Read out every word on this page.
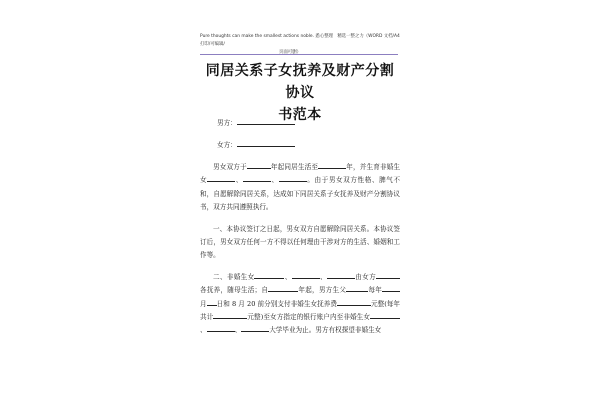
Pure thoughts can make the smallest actions noble. 悉心整理　精选一整之力（WORD 文档/A4 打印/可编辑/
页面可删）
同居关系子女抚养及财产分割协议
书范本
男方：
女方：

男女双方于	年起同居生活至	年，并生育非婚生女	、	、	。由于男女双方性格、脾气不和，自愿解除同居关系，达成如下同居关系子女抚养及财产分割协议书，双方共同遵照执行。

一、本协议签订之日起，男女双方自愿解除同居关系。本协议签订后，男女双方任何一方不得以任何理由干涉对方的生活、婚姻和工作等。

二、非婚生女	、	、	由女方各抚养，随母生活；自	年起，男方生父	每年月 日和 8 月 20 前分别支付非婚生女抚养费	元整(每年共计	元整)至女方指定的银行账户内至非婚生女、	、	大学毕业为止。男方有权探望非婚生女
